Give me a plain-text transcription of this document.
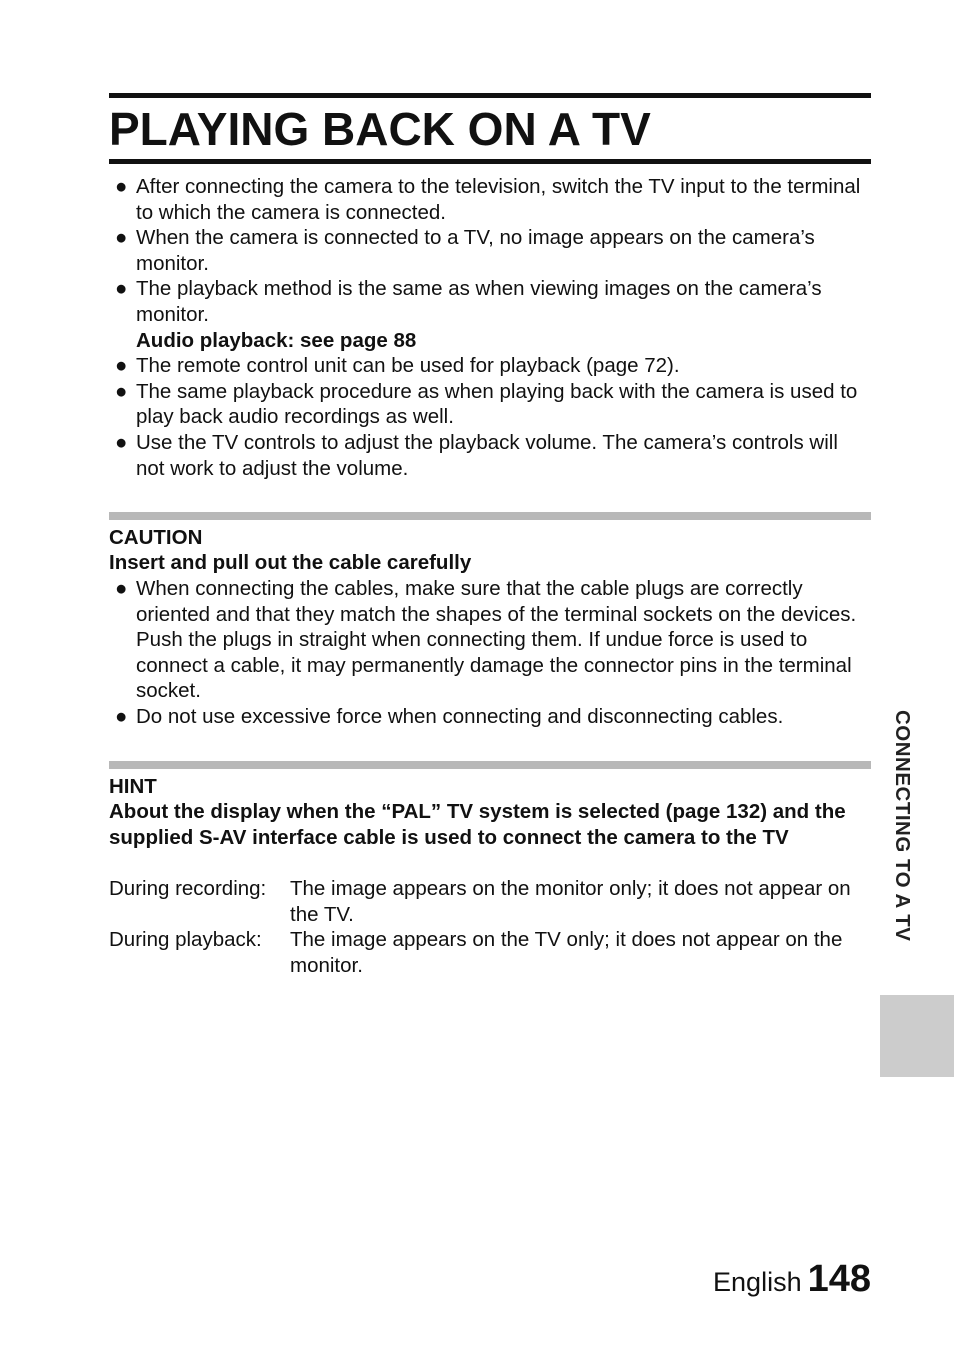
PLAYING BACK ON A TV
● After connecting the camera to the television, switch the TV input to the terminal to which the camera is connected.
● When the camera is connected to a TV, no image appears on the camera’s monitor.
● The playback method is the same as when viewing images on the camera’s monitor.
Audio playback: see page 88
● The remote control unit can be used for playback (page 72).
● The same playback procedure as when playing back with the camera is used to play back audio recordings as well.
● Use the TV controls to adjust the playback volume. The camera’s controls will not work to adjust the volume.
CAUTION
Insert and pull out the cable carefully
● When connecting the cables, make sure that the cable plugs are correctly oriented and that they match the shapes of the terminal sockets on the devices. Push the plugs in straight when connecting them. If undue force is used to connect a cable, it may permanently damage the connector pins in the terminal socket.
● Do not use excessive force when connecting and disconnecting cables.
HINT
About the display when the “PAL” TV system is selected (page 132) and the supplied S-AV interface cable is used to connect the camera to the TV
During recording:	The image appears on the monitor only; it does not appear on the TV.
During playback:	The image appears on the TV only; it does not appear on the monitor.
CONNECTING TO A TV
English 148
